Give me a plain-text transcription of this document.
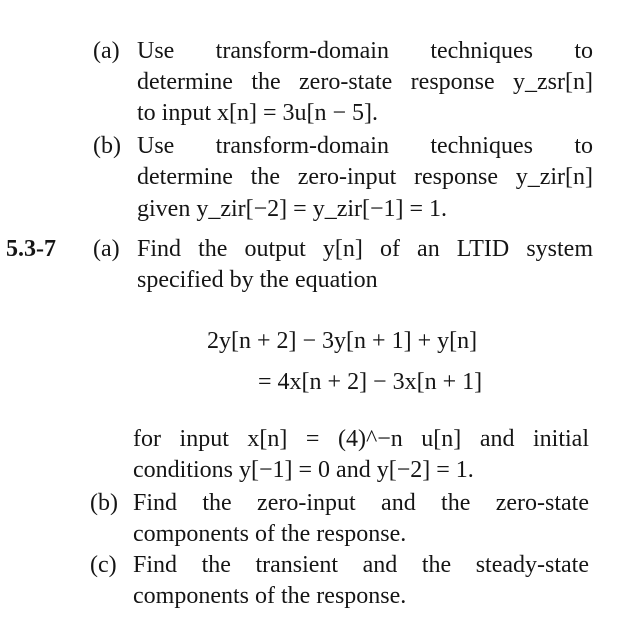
(a) Use transform-domain techniques to
determine the zero-state response y_zsr[n]
to input x[n] = 3u[n − 5].
(b) Use transform-domain techniques to
determine the zero-input response y_zir[n]
given y_zir[−2] = y_zir[−1] = 1.
5.3-7 (a) Find the output y[n] of an LTID system
specified by the equation
2y[n + 2] − 3y[n + 1] + y[n]
= 4x[n + 2] − 3x[n + 1]
for input x[n] = (4)^−n u[n] and initial
conditions y[−1] = 0 and y[−2] = 1.
(b) Find the zero-input and the zero-state
components of the response.
(c) Find the transient and the steady-state
components of the response.
